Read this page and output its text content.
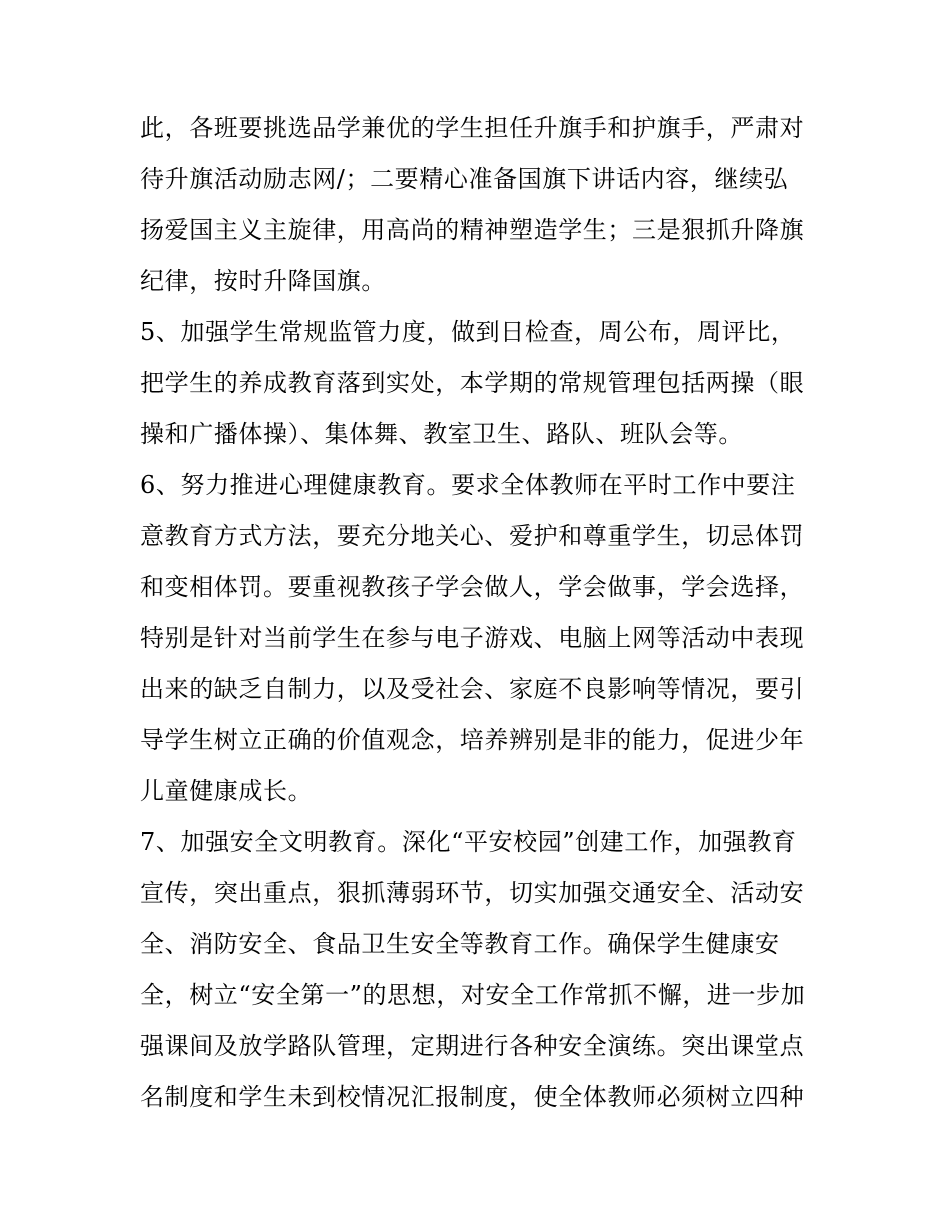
此，各班要挑选品学兼优的学生担任升旗手和护旗手，严肃对
待升旗活动励志网/；二要精心准备国旗下讲话内容，继续弘
扬爱国主义主旋律，用高尚的精神塑造学生；三是狠抓升降旗
纪律，按时升降国旗。
5、加强学生常规监管力度，做到日检查，周公布，周评比，
把学生的养成教育落到实处，本学期的常规管理包括两操（眼
操和广播体操）、集体舞、教室卫生、路队、班队会等。
6、努力推进心理健康教育。要求全体教师在平时工作中要注
意教育方式方法，要充分地关心、爱护和尊重学生，切忌体罚
和变相体罚。要重视教孩子学会做人，学会做事，学会选择，
特别是针对当前学生在参与电子游戏、电脑上网等活动中表现
出来的缺乏自制力，以及受社会、家庭不良影响等情况，要引
导学生树立正确的价值观念，培养辨别是非的能力，促进少年
儿童健康成长。
7、加强安全文明教育。深化“平安校园”创建工作，加强教育
宣传，突出重点，狠抓薄弱环节，切实加强交通安全、活动安
全、消防安全、食品卫生安全等教育工作。确保学生健康安
全，树立“安全第一”的思想，对安全工作常抓不懈，进一步加
强课间及放学路队管理，定期进行各种安全演练。突出课堂点
名制度和学生未到校情况汇报制度，使全体教师必须树立四种
